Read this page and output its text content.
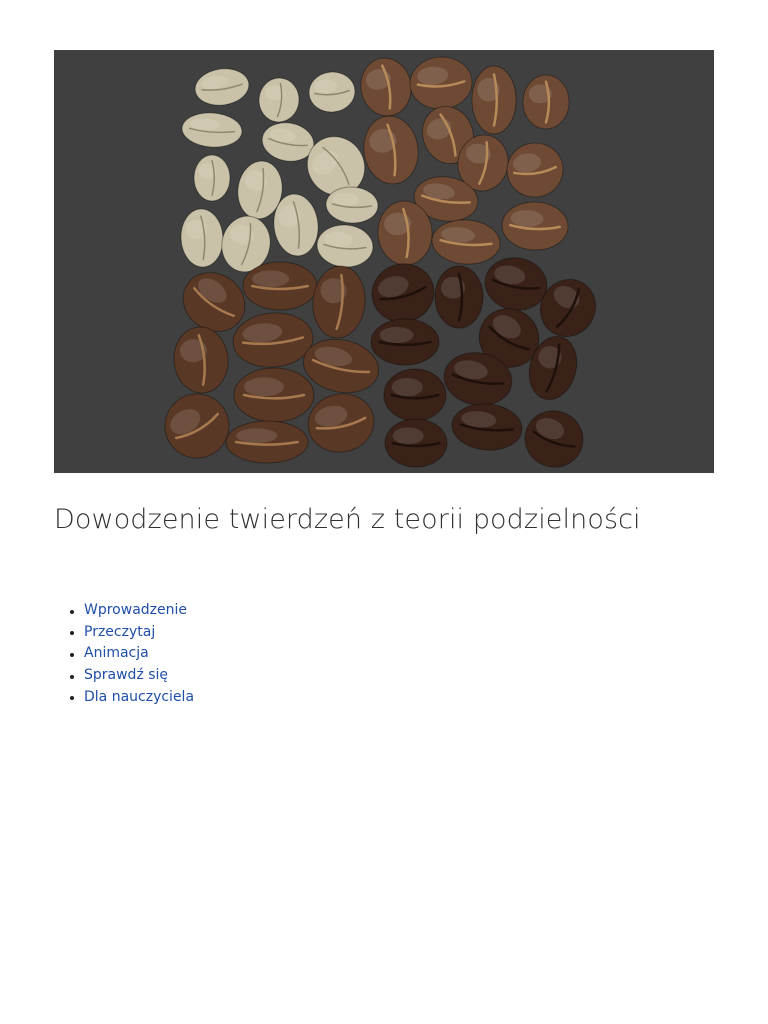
Dowodzenie twierdzeń z teorii podzielności
Wprowadzenie
Przeczytaj
Animacja
Sprawdź się
Dla nauczyciela
